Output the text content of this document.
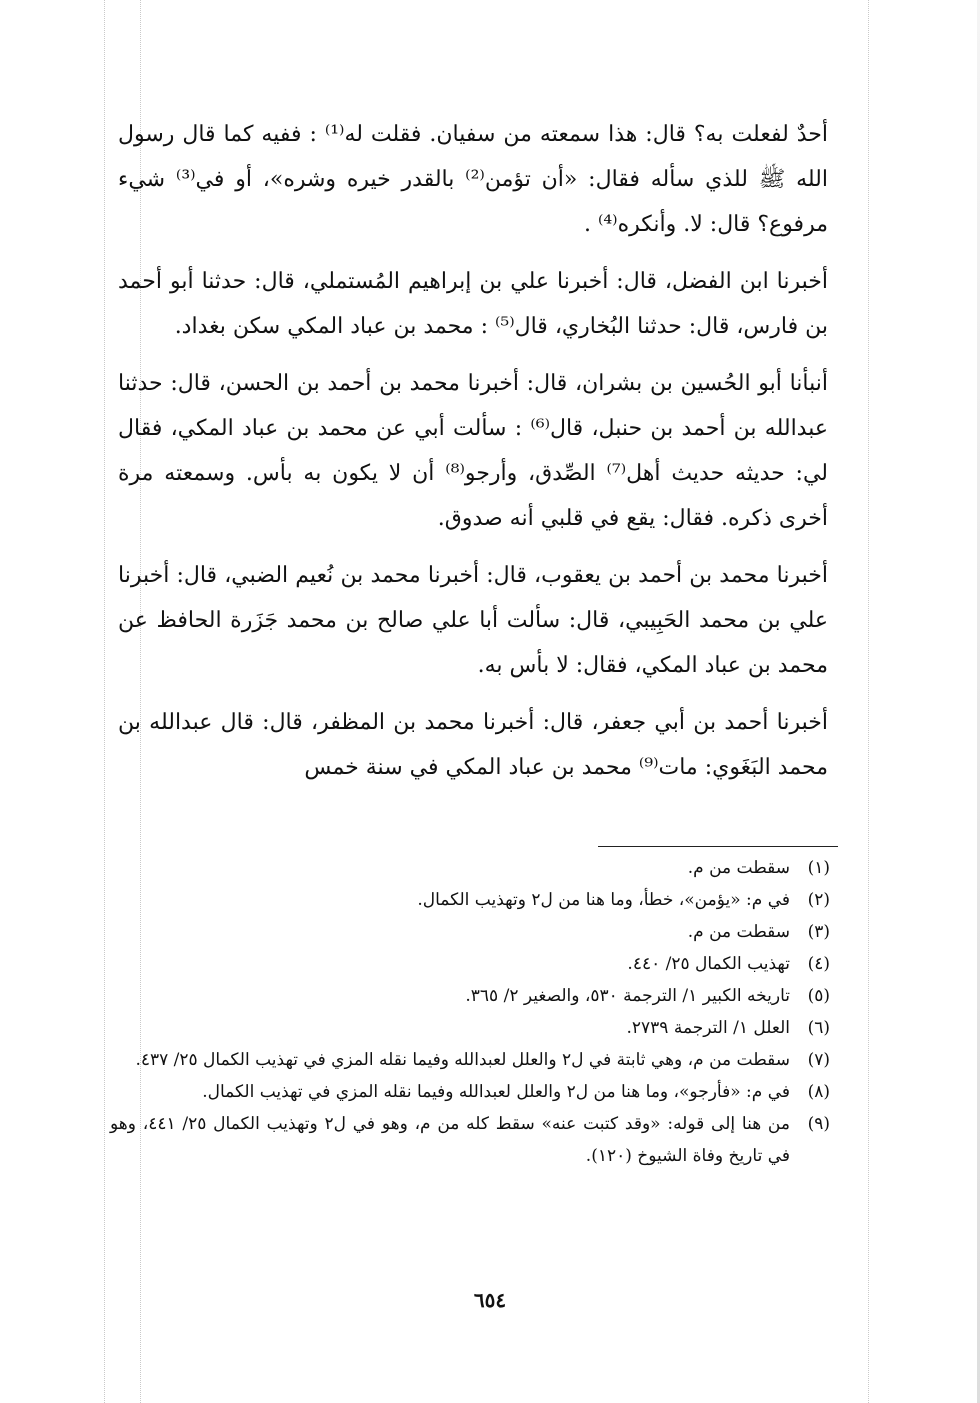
أحدٌ لفعلت به؟ قال: هذا سمعته من سفيان. فقلت له⁽¹⁾ : ففيه كما قال رسول الله ﷺ للذي سأله فقال: «أن تؤمن⁽²⁾ بالقدر خيره وشره»، أو في⁽³⁾ شيء مرفوع؟ قال: لا. وأنكره⁽⁴⁾ .

أخبرنا ابن الفضل، قال: أخبرنا علي بن إبراهيم المُستملي، قال: حدثنا أبو أحمد بن فارس، قال: حدثنا البُخاري، قال⁽⁵⁾ : محمد بن عباد المكي سكن بغداد.

أنبأنا أبو الحُسين بن بشران، قال: أخبرنا محمد بن أحمد بن الحسن، قال: حدثنا عبدالله بن أحمد بن حنبل، قال⁽⁶⁾ : سألت أبي عن محمد بن عباد المكي، فقال لي: حديثه حديث أهل⁽⁷⁾ الصِّدق، وأرجو⁽⁸⁾ أن لا يكون به بأس. وسمعته مرة أخرى ذكره. فقال: يقع في قلبي أنه صدوق.

أخبرنا محمد بن أحمد بن يعقوب، قال: أخبرنا محمد بن نُعيم الضبي، قال: أخبرنا علي بن محمد الحَبِيبي، قال: سألت أبا علي صالح بن محمد جَزَرة الحافظ عن محمد بن عباد المكي، فقال: لا بأس به.

أخبرنا أحمد بن أبي جعفر، قال: أخبرنا محمد بن المظفر، قال: قال عبدالله بن محمد البَغَوي: مات⁽⁹⁾ محمد بن عباد المكي في سنة خمس

(١)
سقطت من م.
(٢)
في م: «يؤمن»، خطأ، وما هنا من ل٢ وتهذيب الكمال.
(٣)
سقطت من م.
(٤)
تهذيب الكمال ٢٥/ ٤٤٠.
(٥)
تاريخه الكبير ١/ الترجمة ٥٣٠، والصغير ٢/ ٣٦٥.
(٦)
العلل ١/ الترجمة ٢٧٣٩.
(٧)
سقطت من م، وهي ثابتة في ل٢ والعلل لعبدالله وفيما نقله المزي في تهذيب الكمال ٢٥/ ٤٣٧.
(٨)
في م: «فأرجو»، وما هنا من ل٢ والعلل لعبدالله وفيما نقله المزي في تهذيب الكمال.
(٩)
من هنا إلى قوله: «وقد كتبت عنه» سقط كله من م، وهو في ل٢ وتهذيب الكمال ٢٥/ ٤٤١، وهو في تاريخ وفاة الشيوخ (١٢٠).
٦٥٤
